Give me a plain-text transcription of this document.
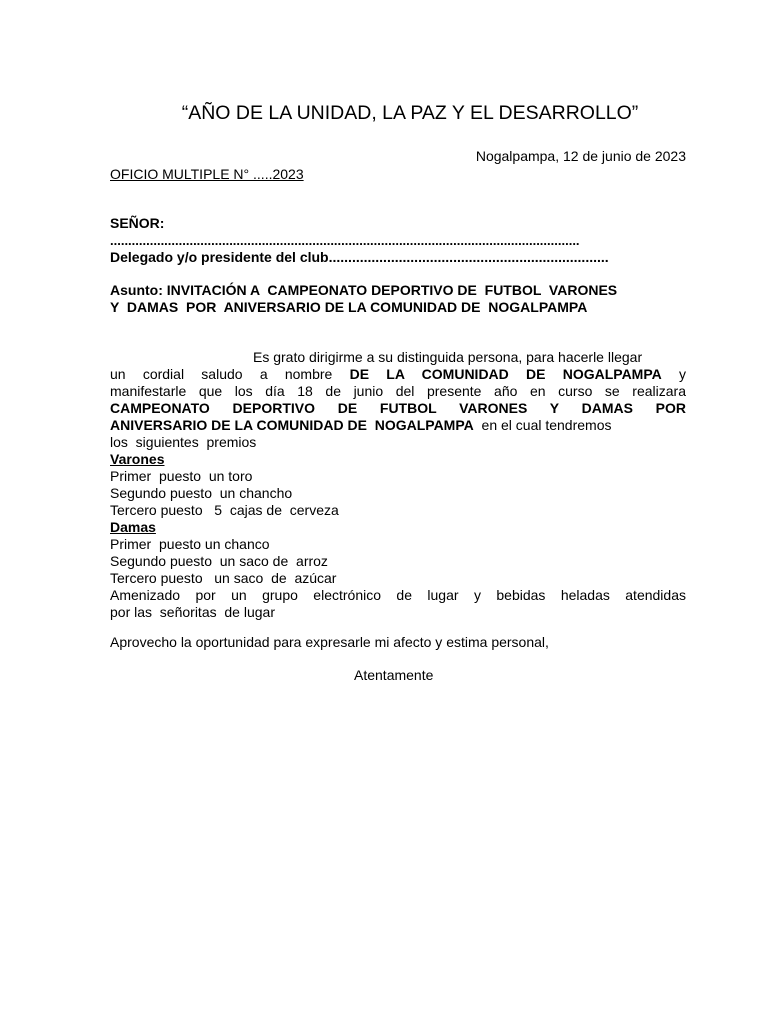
“AÑO DE LA UNIDAD, LA PAZ Y EL DESARROLLO”
Nogalpampa, 12 de junio de 2023
OFICIO MULTIPLE N° .....2023
SEÑOR:
..................................................................................................................................
Delegado y/o presidente del club........................................................................
Asunto: INVITACIÓN A  CAMPEONATO DEPORTIVO DE  FUTBOL  VARONES
Y  DAMAS  POR  ANIVERSARIO DE LA COMUNIDAD DE  NOGALPAMPA
Es grato dirigirme a su distinguida persona, para hacerle llegar
un cordial saludo a nombre DE LA COMUNIDAD DE NOGALPAMPA y
manifestarle que los día 18 de junio del presente año en curso se realizara
CAMPEONATO DEPORTIVO DE FUTBOL VARONES Y DAMAS POR
ANIVERSARIO DE LA COMUNIDAD DE  NOGALPAMPA  en el cual tendremos
los  siguientes  premios
Varones
Primer  puesto  un toro
Segundo puesto  un chancho
Tercero puesto   5  cajas de  cerveza
Damas
Primer  puesto un chanco
Segundo puesto  un saco de  arroz
Tercero puesto   un saco  de  azúcar
Amenizado por un grupo electrónico de lugar y bebidas heladas atendidas
por las  señoritas  de lugar
Aprovecho la oportunidad para expresarle mi afecto y estima personal,
Atentamente
